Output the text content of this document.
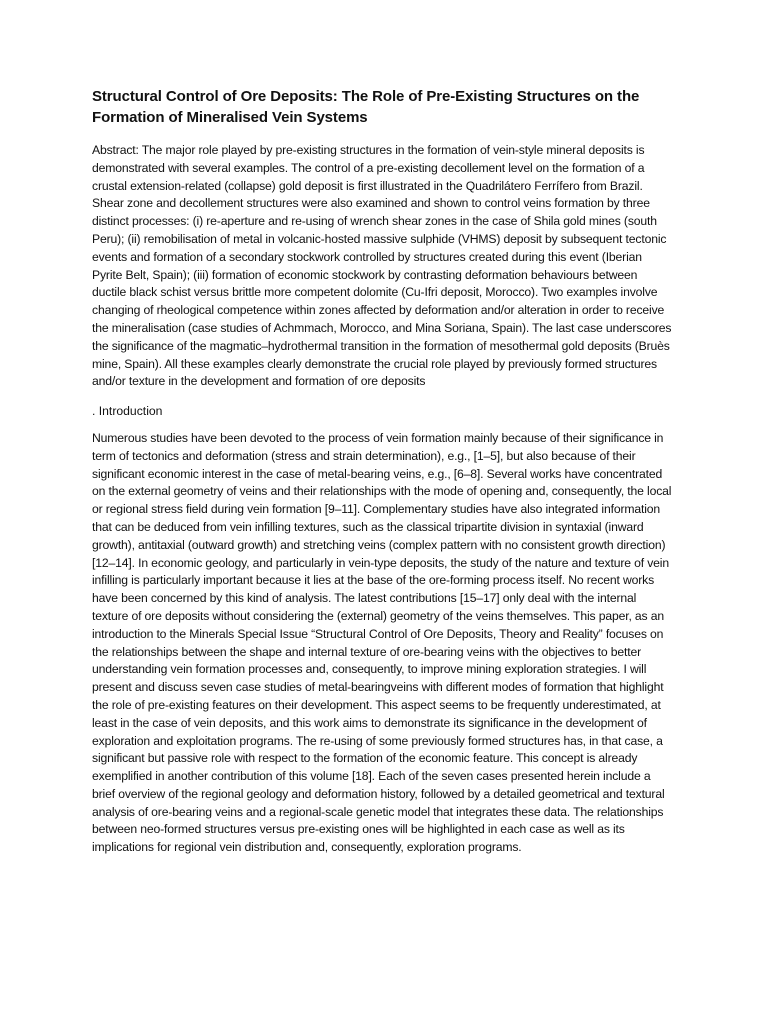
Structural Control of Ore Deposits: The Role of Pre-Existing Structures on the Formation of Mineralised Vein Systems

Abstract: The major role played by pre-existing structures in the formation of vein-style mineral deposits is demonstrated with several examples. The control of a pre-existing decollement level on the formation of a crustal extension-related (collapse) gold deposit is first illustrated in the Quadrilátero Ferrífero from Brazil. Shear zone and decollement structures were also examined and shown to control veins formation by three distinct processes: (i) re-aperture and re-using of wrench shear zones in the case of Shila gold mines (south Peru); (ii) remobilisation of metal in volcanic-hosted massive sulphide (VHMS) deposit by subsequent tectonic events and formation of a secondary stockwork controlled by structures created during this event (Iberian Pyrite Belt, Spain); (iii) formation of economic stockwork by contrasting deformation behaviours between ductile black schist versus brittle more competent dolomite (Cu-Ifri deposit, Morocco). Two examples involve changing of rheological competence within zones affected by deformation and/or alteration in order to receive the mineralisation (case studies of Achmmach, Morocco, and Mina Soriana, Spain). The last case underscores the significance of the magmatic–hydrothermal transition in the formation of mesothermal gold deposits (Bruès mine, Spain). All these examples clearly demonstrate the crucial role played by previously formed structures and/or texture in the development and formation of ore deposits

. Introduction

Numerous studies have been devoted to the process of vein formation mainly because of their significance in term of tectonics and deformation (stress and strain determination), e.g., [1–5], but also because of their significant economic interest in the case of metal-bearing veins, e.g., [6–8]. Several works have concentrated on the external geometry of veins and their relationships with the mode of opening and, consequently, the local or regional stress field during vein formation [9–11]. Complementary studies have also integrated information that can be deduced from vein infilling textures, such as the classical tripartite division in syntaxial (inward growth), antitaxial (outward growth) and stretching veins (complex pattern with no consistent growth direction) [12–14]. In economic geology, and particularly in vein-type deposits, the study of the nature and texture of vein infilling is particularly important because it lies at the base of the ore-forming process itself. No recent works have been concerned by this kind of analysis. The latest contributions [15–17] only deal with the internal texture of ore deposits without considering the (external) geometry of the veins themselves. This paper, as an introduction to the Minerals Special Issue “Structural Control of Ore Deposits, Theory and Reality” focuses on the relationships between the shape and internal texture of ore-bearing veins with the objectives to better understanding vein formation processes and, consequently, to improve mining exploration strategies. I will present and discuss seven case studies of metal-bearingveins with different modes of formation that highlight the role of pre-existing features on their development. This aspect seems to be frequently underestimated, at least in the case of vein deposits, and this work aims to demonstrate its significance in the development of exploration and exploitation programs. The re-using of some previously formed structures has, in that case, a significant but passive role with respect to the formation of the economic feature. This concept is already exemplified in another contribution of this volume [18]. Each of the seven cases presented herein include a brief overview of the regional geology and deformation history, followed by a detailed geometrical and textural analysis of ore-bearing veins and a regional-scale genetic model that integrates these data. The relationships between neo-formed structures versus pre-existing ones will be highlighted in each case as well as its implications for regional vein distribution and, consequently, exploration programs.
